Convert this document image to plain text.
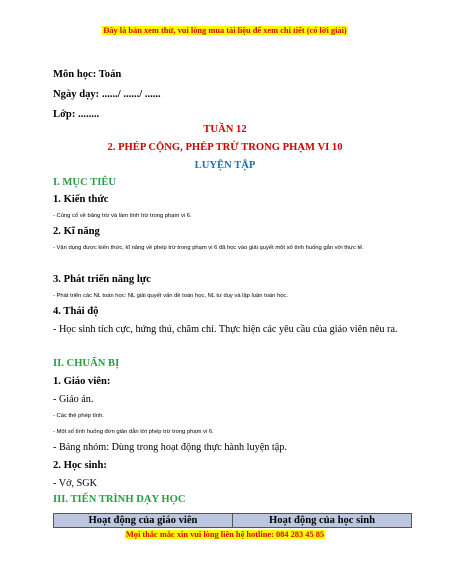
Đây là bản xem thử, vui lòng mua tài liệu để xem chi tiết (có lời giải)
Môn học: Toán
Ngày dạy: ....../ ....../ ......
Lớp: ........
TUẦN 12
2. PHÉP CỘNG, PHÉP TRỪ TRONG PHẠM VI 10
LUYỆN TẬP
I. MỤC TIÊU
1. Kiến thức
- Củng cố về bảng trừ và làm tính trừ trong phạm vi 6.
2. Kĩ năng
- Vận dụng được kiến thức, kĩ năng về phép trừ trong phạm vi 6 đã học vào giải quyết một số tình huống gắn với thực tế.
3. Phát triển năng lực
- Phát triển các NL toán học: NL giải quyết vấn đề toán học, NL tư duy và lập luận toán học.
4. Thái độ
- Học sinh tích cực, hứng thú, chăm chỉ. Thực hiện các yêu cầu của giáo viên nêu ra.
II. CHUẨN BỊ
1. Giáo viên:
- Giáo án.
- Các thẻ phép tính.
- Một số tình huống đơn giản dẫn tới phép trừ trong phạm vi 6.
- Bảng nhóm: Dùng trong hoạt động thực hành luyện tập.
2. Học sinh:
- Vở, SGK
III. TIẾN TRÌNH DẠY HỌC
Hoạt động của giáo viên	Hoạt động của học sinh
Mọi thắc mắc xin vui lòng liên hệ hotline: 084 283 45 85
